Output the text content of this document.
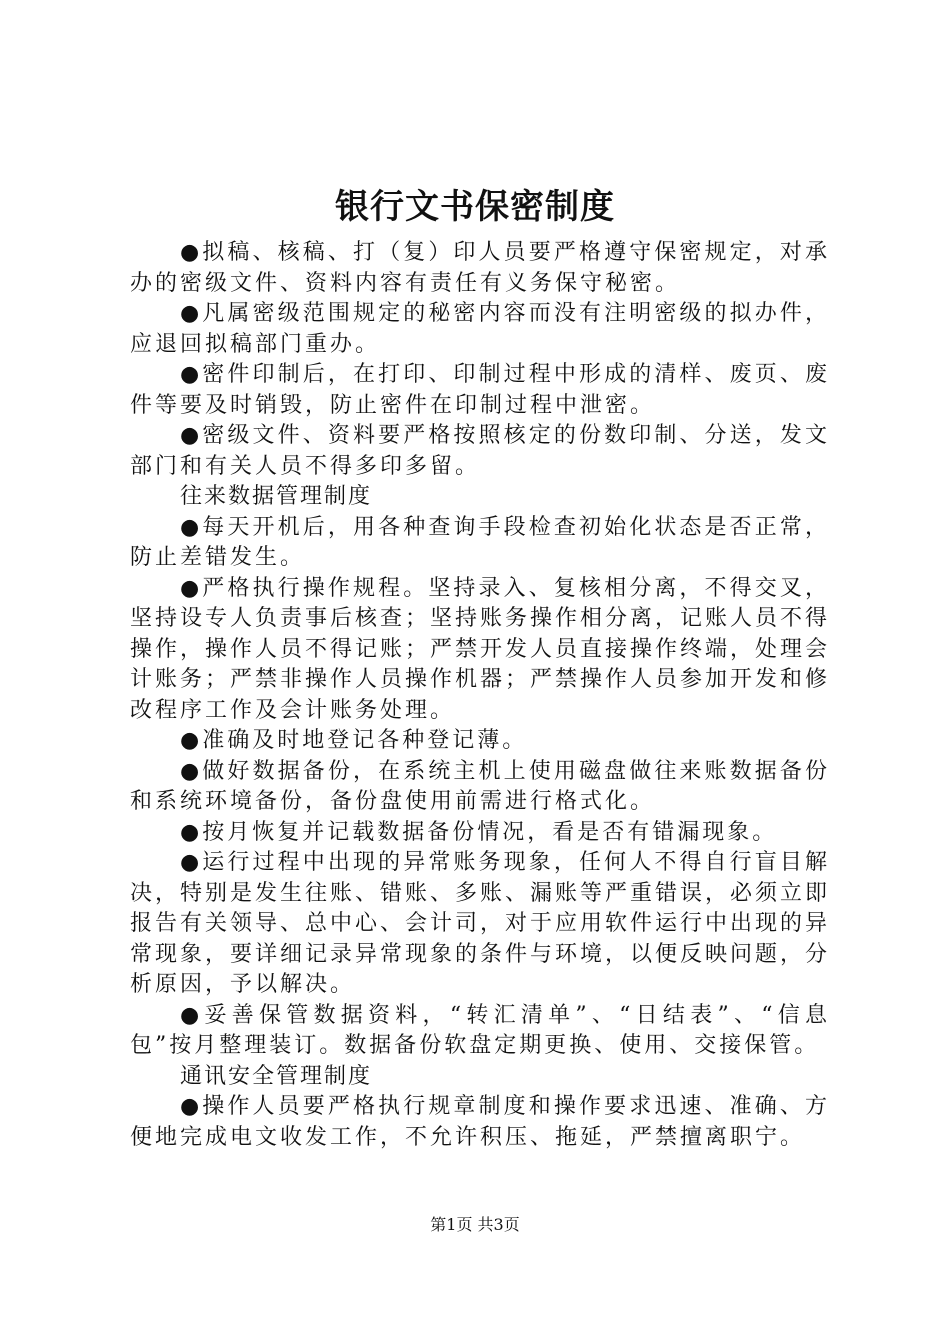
银行文书保密制度

●拟稿、核稿、打（复）印人员要严格遵守保密规定，对承办的密级文件、资料内容有责任有义务保守秘密。

●凡属密级范围规定的秘密内容而没有注明密级的拟办件，应退回拟稿部门重办。

●密件印制后，在打印、印制过程中形成的清样、废页、废件等要及时销毁，防止密件在印制过程中泄密。

●密级文件、资料要严格按照核定的份数印制、分送，发文部门和有关人员不得多印多留。

往来数据管理制度

●每天开机后，用各种查询手段检查初始化状态是否正常，防止差错发生。

●严格执行操作规程。坚持录入、复核相分离，不得交叉，坚持设专人负责事后核查；坚持账务操作相分离，记账人员不得操作，操作人员不得记账；严禁开发人员直接操作终端，处理会计账务；严禁非操作人员操作机器；严禁操作人员参加开发和修改程序工作及会计账务处理。

●准确及时地登记各种登记薄。

●做好数据备份，在系统主机上使用磁盘做往来账数据备份和系统环境备份，备份盘使用前需进行格式化。

●按月恢复并记载数据备份情况，看是否有错漏现象。

●运行过程中出现的异常账务现象，任何人不得自行盲目解决，特别是发生往账、错账、多账、漏账等严重错误，必须立即报告有关领导、总中心、会计司，对于应用软件运行中出现的异常现象，要详细记录异常现象的条件与环境，以便反映问题，分析原因，予以解决。

●妥善保管数据资料，“转汇清单”、“日结表”、“信息包”按月整理装订。数据备份软盘定期更换、使用、交接保管。

通讯安全管理制度

●操作人员要严格执行规章制度和操作要求迅速、准确、方便地完成电文收发工作，不允许积压、拖延，严禁擅离职宁。

第1页 共3页
